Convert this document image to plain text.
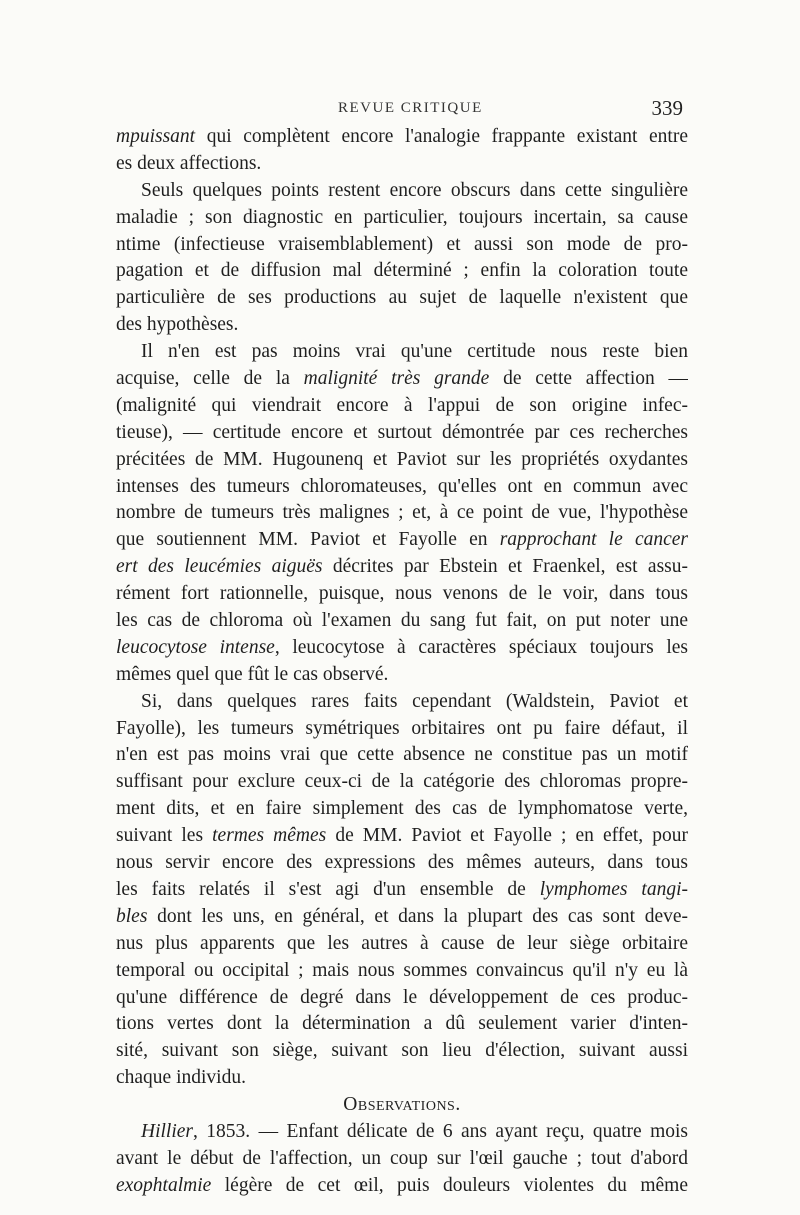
REVUE CRITIQUE	339
mpuissant qui complètent encore l'analogie frappante existant entre
es deux affections.
Seuls quelques points restent encore obscurs dans cette singulière
maladie ; son diagnostic en particulier, toujours incertain, sa cause
ntime (infectieuse vraisemblablement) et aussi son mode de pro-
pagation et de diffusion mal déterminé ; enfin la coloration toute
particulière de ses productions au sujet de laquelle n'existent que
des hypothèses.
Il n'en est pas moins vrai qu'une certitude nous reste bien
acquise, celle de la malignité très grande de cette affection —
(malignité qui viendrait encore à l'appui de son origine infec-
tieuse), — certitude encore et surtout démontrée par ces recherches
précitées de MM. Hugounenq et Paviot sur les propriétés oxydantes
intenses des tumeurs chloromateuses, qu'elles ont en commun avec
nombre de tumeurs très malignes ; et, à ce point de vue, l'hypothèse
que soutiennent MM. Paviot et Fayolle en rapprochant le cancer
ert des leucémies aiguës décrites par Ebstein et Fraenkel, est assu-
rément fort rationnelle, puisque, nous venons de le voir, dans tous
les cas de chloroma où l'examen du sang fut fait, on put noter une
leucocytose intense, leucocytose à caractères spéciaux toujours les
mêmes quel que fût le cas observé.
Si, dans quelques rares faits cependant (Waldstein, Paviot et
Fayolle), les tumeurs symétriques orbitaires ont pu faire défaut, il
n'en est pas moins vrai que cette absence ne constitue pas un motif
suffisant pour exclure ceux-ci de la catégorie des chloromas propre-
ment dits, et en faire simplement des cas de lymphomatose verte,
suivant les termes mêmes de MM. Paviot et Fayolle ; en effet, pour
nous servir encore des expressions des mêmes auteurs, dans tous
les faits relatés il s'est agi d'un ensemble de lymphomes tangi-
bles dont les uns, en général, et dans la plupart des cas sont deve-
nus plus apparents que les autres à cause de leur siège orbitaire
temporal ou occipital ; mais nous sommes convaincus qu'il n'y eu là
qu'une différence de degré dans le développement de ces produc-
tions vertes dont la détermination a dû seulement varier d'inten-
sité, suivant son siège, suivant son lieu d'élection, suivant aussi
chaque individu.
Observations.
Hillier, 1853. — Enfant délicate de 6 ans ayant reçu, quatre mois
avant le début de l'affection, un coup sur l'œil gauche ; tout d'abord
exophtalmie légère de cet œil, puis douleurs violentes du même
